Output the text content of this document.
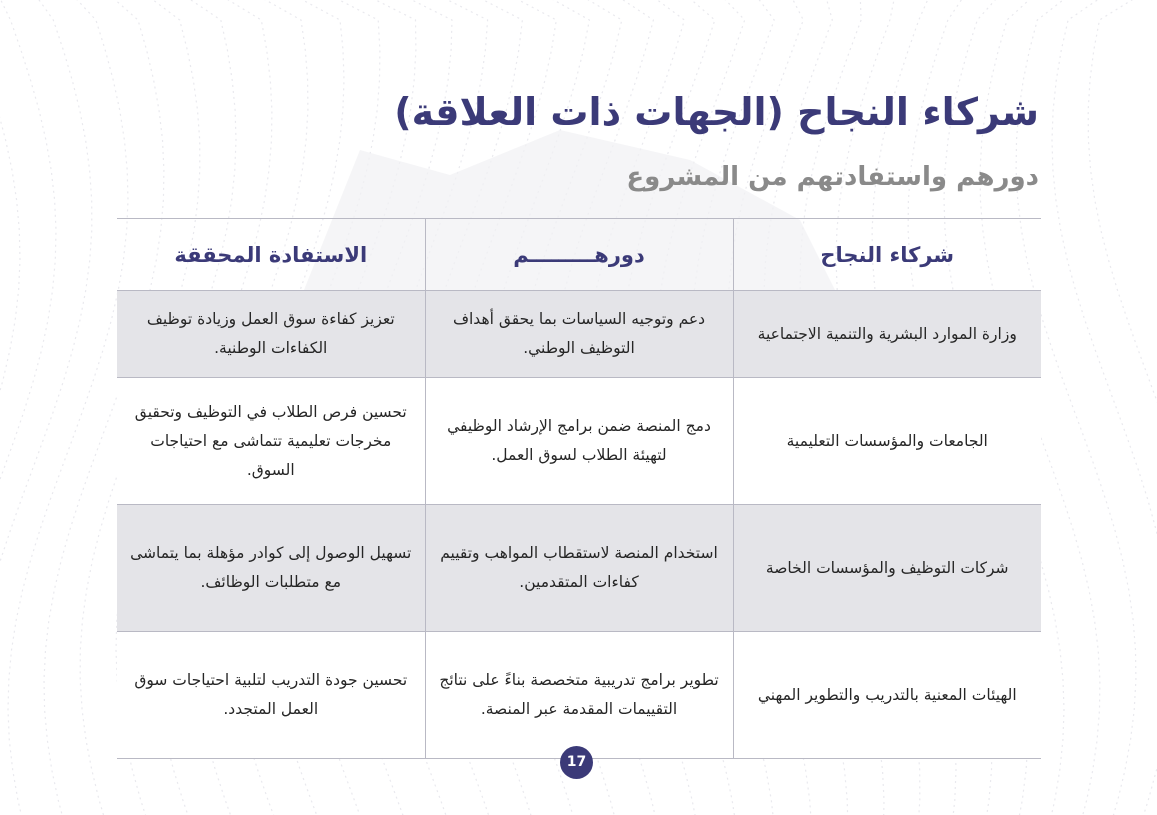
شركاء النجاح (الجهات ذات العلاقة)
دورهم واستفادتهم من المشروع
شركاء النجاح	دورهـــــــــم	الاستفادة المحققة
وزارة الموارد البشرية والتنمية الاجتماعية	دعم وتوجيه السياسات بما يحقق أهداف التوظيف الوطني.	تعزيز كفاءة سوق العمل وزيادة توظيف الكفاءات الوطنية.
الجامعات والمؤسسات التعليمية	دمج المنصة ضمن برامج الإرشاد الوظيفي لتهيئة الطلاب لسوق العمل.	تحسين فرص الطلاب في التوظيف وتحقيق مخرجات تعليمية تتماشى مع احتياجات السوق.
شركات التوظيف والمؤسسات الخاصة	استخدام المنصة لاستقطاب المواهب وتقييم كفاءات المتقدمين.	تسهيل الوصول إلى كوادر مؤهلة بما يتماشى مع متطلبات الوظائف.
الهيئات المعنية بالتدريب والتطوير المهني	تطوير برامج تدريبية متخصصة بناءً على نتائج التقييمات المقدمة عبر المنصة.	تحسين جودة التدريب لتلبية احتياجات سوق العمل المتجدد.
17
